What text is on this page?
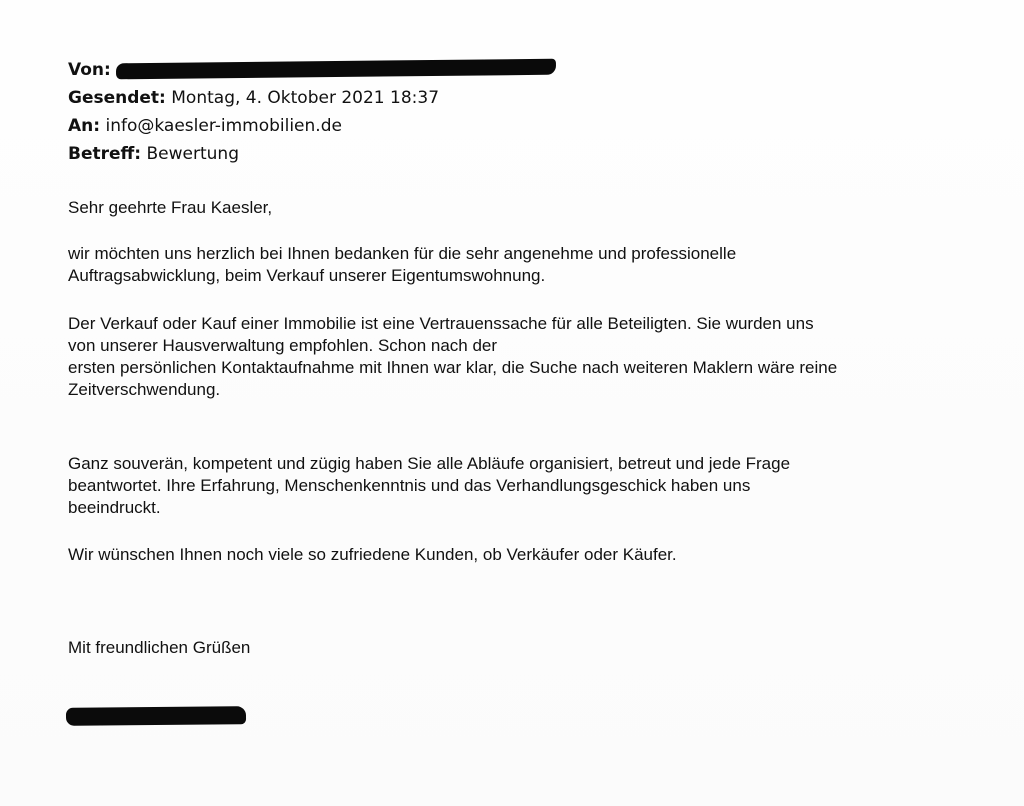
Von:
Gesendet: Montag, 4. Oktober 2021 18:37
An: info@kaesler-immobilien.de
Betreff: Bewertung
Sehr geehrte Frau Kaesler,
wir möchten uns herzlich bei Ihnen bedanken für die sehr angenehme und professionelle
Auftragsabwicklung, beim Verkauf unserer Eigentumswohnung.
Der Verkauf oder Kauf einer Immobilie ist eine Vertrauenssache für alle Beteiligten. Sie wurden uns
von unserer Hausverwaltung empfohlen. Schon nach der
ersten persönlichen Kontaktaufnahme mit Ihnen war klar, die Suche nach weiteren Maklern wäre reine
Zeitverschwendung.
Ganz souverän, kompetent und zügig haben Sie alle Abläufe organisiert, betreut und jede Frage
beantwortet. Ihre Erfahrung, Menschenkenntnis und das Verhandlungsgeschick haben uns
beeindruckt.
Wir wünschen Ihnen noch viele so zufriedene Kunden, ob Verkäufer oder Käufer.
Mit freundlichen Grüßen
